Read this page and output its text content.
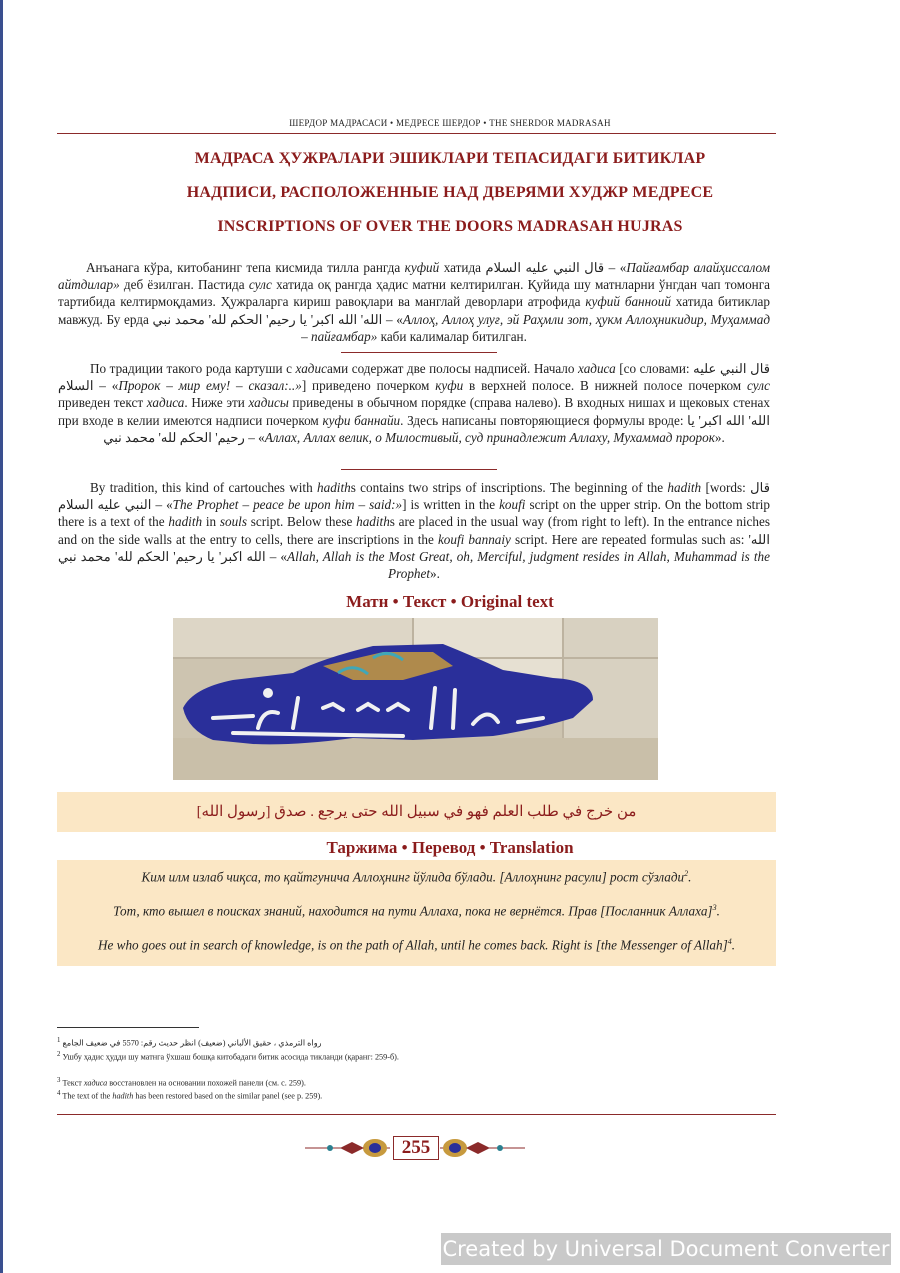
ШЕРДОР МАДРАСАСИ • МЕДРЕСЕ ШЕРДОР • THE SHERDOR MADRASAH
МАДРАСА ҲУЖРАЛАРИ ЭШИКЛАРИ ТЕПАСИДАГИ БИТИКЛАР
НАДПИСИ, РАСПОЛОЖЕННЫЕ НАД ДВЕРЯМИ ХУДЖР МЕДРЕСЕ
INSCRIPTIONS OF OVER THE DOORS MADRASAH HUJRAS
Анъанага кўра, китобанинг тепа кисмида тилла рангда куфий хатида قال النبي عليه السلام – «Пайғамбар алайҳиссалом айтдилар» деб ёзилган. Пастида сулс хатида оқ рангда ҳадис матни келтирилган. Қуйида шу матнларни ўнгдан чап томонга тартибида келтирмоқдамиз. Ҳужраларга кириш равоқлари ва манглай деворлари атрофида куфий банноий хатида битиклар мавжуд. Бу ерда الله' الله اكبر' يا رحيم' الحكم لله' محمد نبي – «Аллоҳ, Аллоҳ улуғ, эй Раҳмли зот, ҳукм Аллоҳникидир, Муҳаммад – пайғамбар» каби калималар битилган.
По традиции такого рода картуши с хадисами содержат две полосы надписей. Начало хадиса [со словами: قال النبي عليه السلام – «Пророк – мир ему! – сказал:..»] приведено почерком куфи в верхней полосе. В нижней полосе почерком сулс приведен текст хадиса. Ниже эти хадисы приведены в обычном порядке (справа налево). В входных нишах и щековых стенах при входе в келии имеются надписи почерком куфи баннайи. Здесь написаны повторяющиеся формулы вроде: الله' الله اكبر' يا رحيم' الحكم لله' محمد نبي – «Аллах, Аллах велик, о Милостивый, суд принадлежит Аллаху, Мухаммад пророк».
By tradition, this kind of cartouches with hadiths contains two strips of inscriptions. The beginning of the hadith [words: قال النبي عليه السلام – «The Prophet – peace be upon him – said:»] is written in the koufi script on the upper strip. On the bottom strip there is a text of the hadith in souls script. Below these hadiths are placed in the usual way (from right to left). In the entrance niches and on the side walls at the entry to cells, there are inscriptions in the koufi bannaiy script. Here are repeated formulas such as: الله' الله اكبر' يا رحيم' الحكم لله' محمد نبي – «Allah, Allah is the Most Great, oh, Merciful, judgment resides in Allah, Muhammad is the Prophet».
Матн • Текст • Original text
من خرج في طلب العلم فهو في سبيل الله حتى يرجع . صدق [رسول الله]
Таржима • Перевод • Translation
Ким илм излаб чиқса, то қайтгунича Аллоҳнинг йўлида бўлади. [Аллоҳнинг расули] рост сўзлади$^2$.
Тот, кто вышел в поисках знаний, находится на пути Аллаха, пока не вернётся. Прав [Посланник Аллаха]$^3$.
He who goes out in search of knowledge, is on the path of Allah, until he comes back. Right is [the Messenger of Allah]$^4$.
$^1$ رواه الترمذي ، حقيق الألباني (ضعيف) انظر حديث رقم: 5570 في ضعيف الجامع
$^2$ Ушбу ҳадис ҳудди шу матнга ўхшаш бошқа китобадаги битик асосида тикланди (қаранг: 259-б).
$^3$ Текст хадиса восстановлен на основании похожей панели (см. с. 259).
$^4$ The text of the hadith has been restored based on the similar panel (see p. 259).
255
Created by Universal Document Converter
